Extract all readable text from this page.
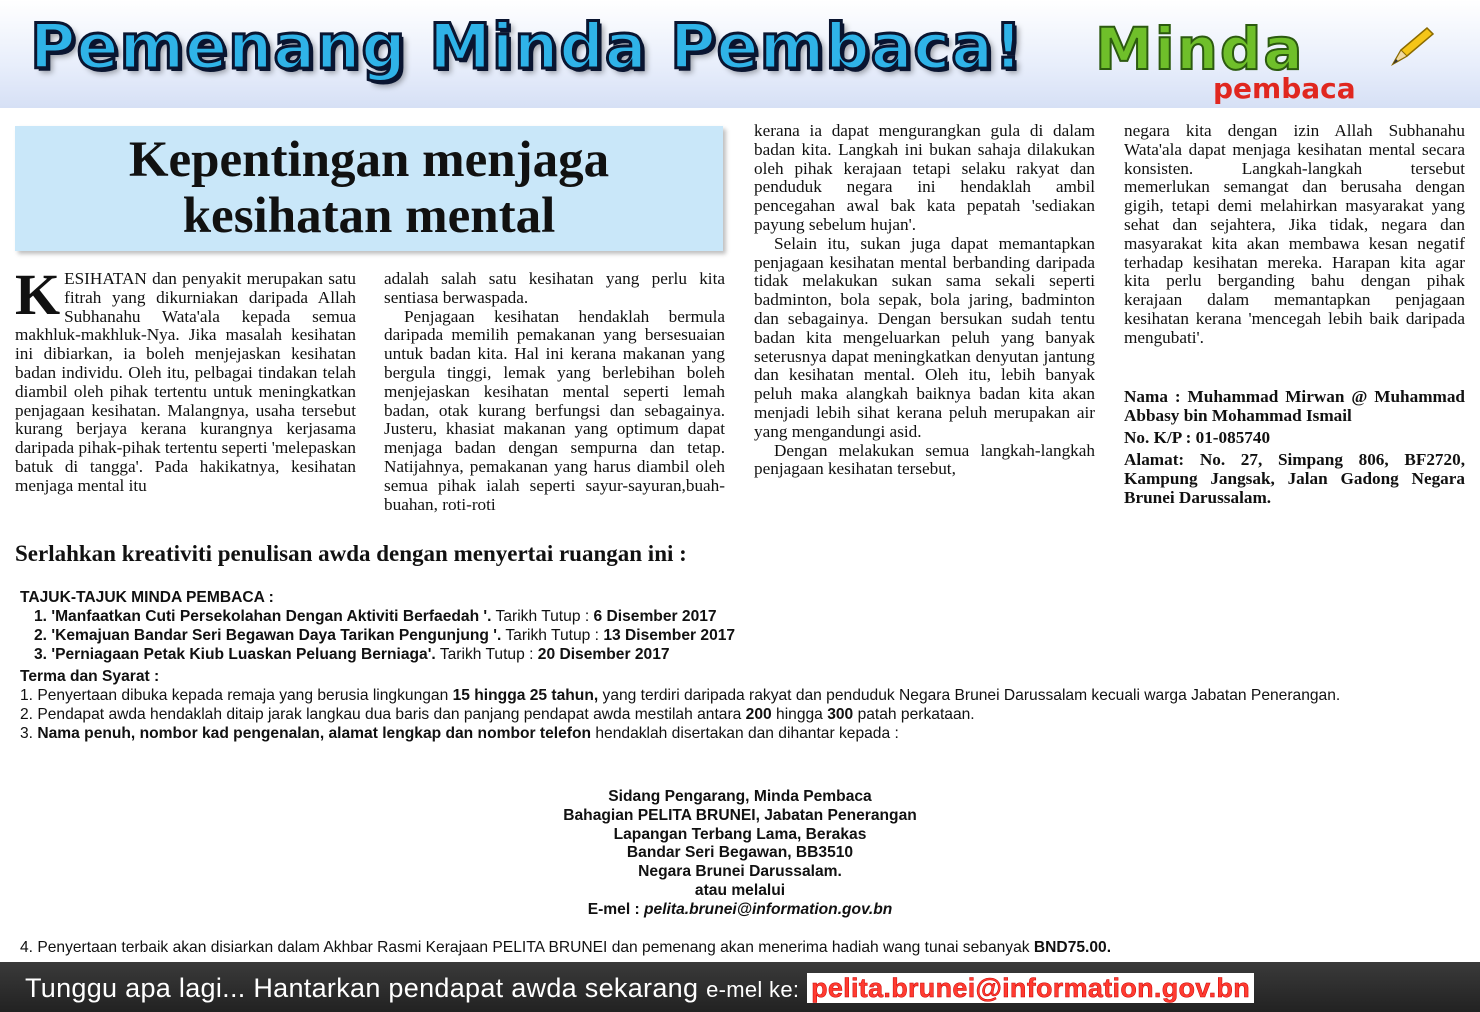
Pemenang Minda Pembaca! Minda
pembaca
Kepentingan menjaga
kesihatan mental

KESIHATAN dan penyakit merupakan satu fitrah yang dikurniakan daripada Allah Subhanahu Wata'ala kepada semua makhluk-makhluk-Nya. Jika masalah kesihatan ini dibiarkan, ia boleh menjejaskan kesihatan badan individu. Oleh itu, pelbagai tindakan telah diambil oleh pihak tertentu untuk meningkatkan penjagaan kesihatan. Malangnya, usaha tersebut kurang berjaya kerana kurangnya kerjasama daripada pihak-pihak tertentu seperti 'melepaskan batuk di tangga'. Pada hakikatnya, kesihatan menjaga mental itu

adalah salah satu kesihatan yang perlu kita sentiasa berwaspada.

Penjagaan kesihatan hendaklah bermula daripada memilih pemakanan yang bersesuaian untuk badan kita. Hal ini kerana makanan yang bergula tinggi, lemak yang berlebihan boleh menjejaskan kesihatan mental seperti lemah badan, otak kurang berfungsi dan sebagainya. Justeru, khasiat makanan yang optimum dapat menjaga badan dengan sempurna dan tetap. Natijahnya, pemakanan yang harus diambil oleh semua pihak ialah seperti sayur-sayuran,buah-buahan, roti-roti

kerana ia dapat mengurangkan gula di dalam badan kita. Langkah ini bukan sahaja dilakukan oleh pihak kerajaan tetapi selaku rakyat dan penduduk negara ini hendaklah ambil pencegahan awal bak kata pepatah 'sediakan payung sebelum hujan'.

Selain itu, sukan juga dapat memantapkan penjagaan kesihatan mental berbanding daripada tidak melakukan sukan sama sekali seperti badminton, bola sepak, bola jaring, badminton dan sebagainya. Dengan bersukan sudah tentu badan kita mengeluarkan peluh yang banyak seterusnya dapat meningkatkan denyutan jantung dan kesihatan mental. Oleh itu, lebih banyak peluh maka alangkah baiknya badan kita akan menjadi lebih sihat kerana peluh merupakan air yang mengandungi asid.

Dengan melakukan semua langkah-langkah penjagaan kesihatan tersebut,

negara kita dengan izin Allah Subhanahu Wata'ala dapat menjaga kesihatan mental secara konsisten. Langkah-langkah tersebut memerlukan semangat dan berusaha dengan gigih, tetapi demi melahirkan masyarakat yang sehat dan sejahtera, Jika tidak, negara dan masyarakat kita akan membawa kesan negatif terhadap kesihatan mereka. Harapan kita agar kita perlu berganding bahu dengan pihak kerajaan dalam memantapkan penjagaan kesihatan kerana 'mencegah lebih baik daripada mengubati'.

Nama : Muhammad Mirwan @ Muhammad Abbasy bin Mohammad Ismail

No. K/P : 01-085740

Alamat: No. 27, Simpang 806, BF2720, Kampung Jangsak, Jalan Gadong Negara Brunei Darussalam.

Serlahkan kreativiti penulisan awda dengan menyertai ruangan ini :

TAJUK-TAJUK MINDA PEMBACA :

1. 'Manfaatkan Cuti Persekolahan Dengan Aktiviti Berfaedah '. Tarikh Tutup : 6 Disember 2017

2. 'Kemajuan Bandar Seri Begawan Daya Tarikan Pengunjung '. Tarikh Tutup : 13 Disember 2017

3. 'Perniagaan Petak Kiub Luaskan Peluang Berniaga'. Tarikh Tutup : 20 Disember 2017

Terma dan Syarat :

1. Penyertaan dibuka kepada remaja yang berusia lingkungan 15 hingga 25 tahun, yang terdiri daripada rakyat dan penduduk Negara Brunei Darussalam kecuali warga Jabatan Penerangan.

2. Pendapat awda hendaklah ditaip jarak langkau dua baris dan panjang pendapat awda mestilah antara 200 hingga 300 patah perkataan.

3. Nama penuh, nombor kad pengenalan, alamat lengkap dan nombor telefon hendaklah disertakan dan dihantar kepada :

Sidang Pengarang, Minda Pembaca
Bahagian PELITA BRUNEI, Jabatan Penerangan
Lapangan Terbang Lama, Berakas
Bandar Seri Begawan, BB3510
Negara Brunei Darussalam.
atau melalui
E-mel : pelita.brunei@information.gov.bn
4. Penyertaan terbaik akan disiarkan dalam Akhbar Rasmi Kerajaan PELITA BRUNEI dan pemenang akan menerima hadiah wang tunai sebanyak BND75.00.
Tunggu apa lagi... Hantarkan pendapat awda sekarang e-mel ke: pelita.brunei@information.gov.bn
